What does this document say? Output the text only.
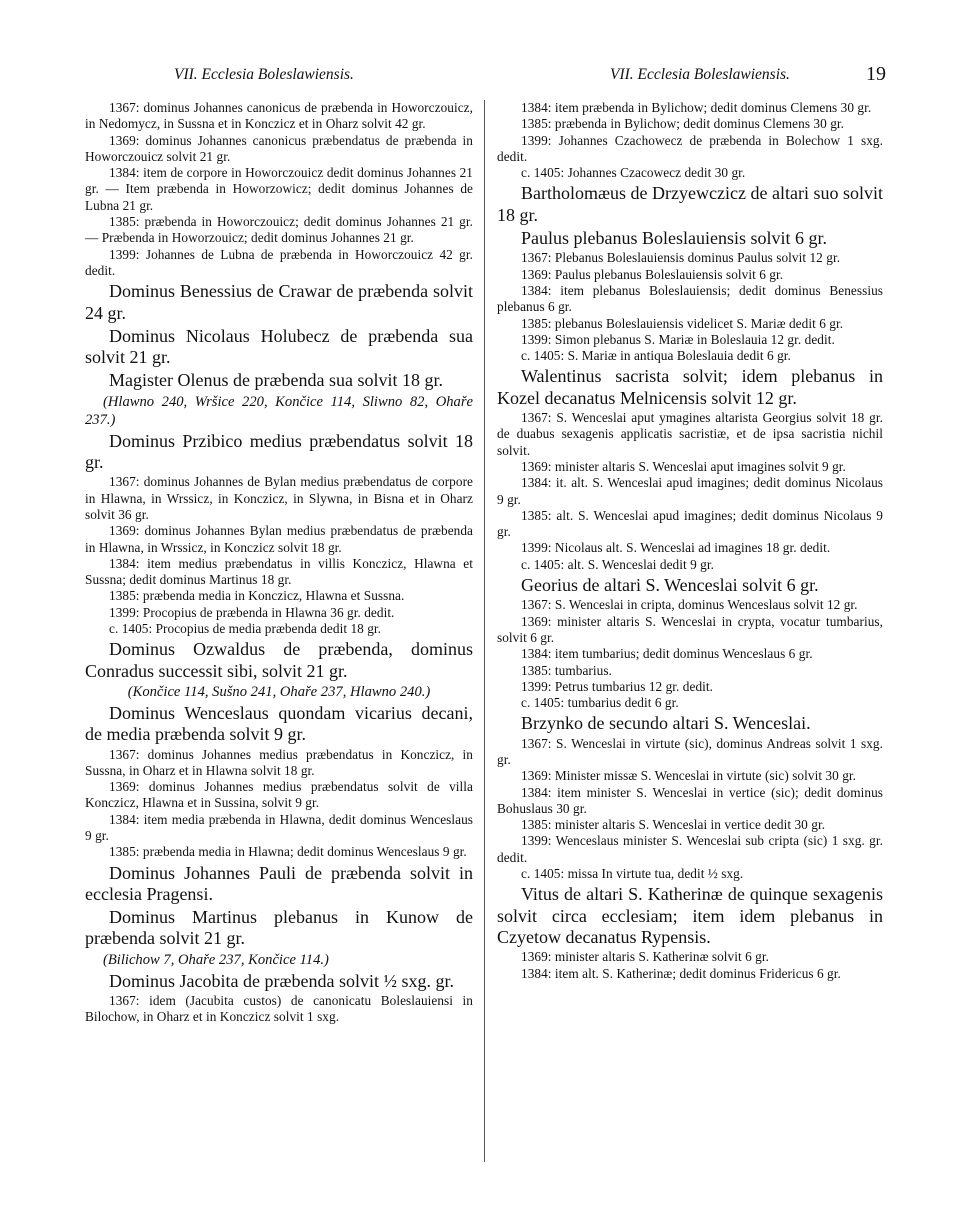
VII. Ecclesia Boleslawiensis.	VII. Ecclesia Boleslawiensis.	19

1367: dominus Johannes canonicus de præbenda in Howorczouicz, in Nedomycz, in Sussna et in Konczicz et in Oharz solvit 42 gr.

1369: dominus Johannes canonicus præbendatus de præbenda in Howorczouicz solvit 21 gr.

1384: item de corpore in Howorczouicz dedit dominus Johannes 21 gr. — Item præbenda in Howorzowicz; dedit dominus Johannes de Lubna 21 gr.

1385: præbenda in Howorczouicz; dedit dominus Johannes 21 gr. — Præbenda in Howorzouicz; dedit dominus Johannes 21 gr.

1399: Johannes de Lubna de præbenda in Howorczouicz 42 gr. dedit.

Dominus Benessius de Crawar de præbenda solvit 24 gr.

Dominus Nicolaus Holubecz de præbenda sua solvit 21 gr.

Magister Olenus de præbenda sua solvit 18 gr.

(Hlawno 240, Wršice 220, Končice 114, Sliwno 82, Ohaře 237.)

Dominus Przibico medius præbendatus solvit 18 gr.

1367: dominus Johannes de Bylan medius præbendatus de corpore in Hlawna, in Wrssicz, in Konczicz, in Slywna, in Bisna et in Oharz solvit 36 gr.

1369: dominus Johannes Bylan medius præbendatus de præbenda in Hlawna, in Wrssicz, in Konczicz solvit 18 gr.

1384: item medius præbendatus in villis Konczicz, Hlawna et Sussna; dedit dominus Martinus 18 gr.

1385: præbenda media in Konczicz, Hlawna et Sussna.

1399: Procopius de præbenda in Hlawna 36 gr. dedit.

c. 1405: Procopius de media præbenda dedit 18 gr.

Dominus Ozwaldus de præbenda, dominus Conradus successit sibi, solvit 21 gr.

(Končice 114, Sušno 241, Ohaře 237, Hlawno 240.)

Dominus Wenceslaus quondam vicarius decani, de media præbenda solvit 9 gr.

1367: dominus Johannes medius præbendatus in Konczicz, in Sussna, in Oharz et in Hlawna solvit 18 gr.

1369: dominus Johannes medius præbendatus solvit de villa Konczicz, Hlawna et in Sussina, solvit 9 gr.

1384: item media præbenda in Hlawna, dedit dominus Wenceslaus 9 gr.

1385: præbenda media in Hlawna; dedit dominus Wenceslaus 9 gr.

Dominus Johannes Pauli de præbenda solvit in ecclesia Pragensi.

Dominus Martinus plebanus in Kunow de præbenda solvit 21 gr.

(Bilichow 7, Ohaře 237, Končice 114.)

Dominus Jacobita de præbenda solvit ½ sxg. gr.

1367: idem (Jacubita custos) de canonicatu Boleslauiensi in Bilochow, in Oharz et in Konczicz solvit 1 sxg.

1384: item præbenda in Bylichow; dedit dominus Clemens 30 gr.

1385: præbenda in Bylichow; dedit dominus Clemens 30 gr.

1399: Johannes Czachowecz de præbenda in Bolechow 1 sxg. dedit.

c. 1405: Johannes Czacowecz dedit 30 gr.

Bartholomæus de Drzyewczicz de altari suo solvit 18 gr.

Paulus plebanus Boleslauiensis solvit 6 gr.

1367: Plebanus Boleslauiensis dominus Paulus solvit 12 gr.

1369: Paulus plebanus Boleslauiensis solvit 6 gr.

1384: item plebanus Boleslauiensis; dedit dominus Benessius plebanus 6 gr.

1385: plebanus Boleslauiensis videlicet S. Mariæ dedit 6 gr.

1399: Simon plebanus S. Mariæ in Boleslauia 12 gr. dedit.

c. 1405: S. Mariæ in antiqua Boleslauia dedit 6 gr.

Walentinus sacrista solvit; idem plebanus in Kozel decanatus Melnicensis solvit 12 gr.

1367: S. Wenceslai aput ymagines altarista Georgius solvit 18 gr. de duabus sexagenis applicatis sacristiæ, et de ipsa sacristia nichil solvit.

1369: minister altaris S. Wenceslai aput imagines solvit 9 gr.

1384: it. alt. S. Wenceslai apud imagines; dedit dominus Nicolaus 9 gr.

1385: alt. S. Wenceslai apud imagines; dedit dominus Nicolaus 9 gr.

1399: Nicolaus alt. S. Wenceslai ad imagines 18 gr. dedit.

c. 1405: alt. S. Wenceslai dedit 9 gr.

Georius de altari S. Wenceslai solvit 6 gr.

1367: S. Wenceslai in cripta, dominus Wenceslaus solvit 12 gr.

1369: minister altaris S. Wenceslai in crypta, vocatur tumbarius, solvit 6 gr.

1384: item tumbarius; dedit dominus Wenceslaus 6 gr.

1385: tumbarius.

1399: Petrus tumbarius 12 gr. dedit.

c. 1405: tumbarius dedit 6 gr.

Brzynko de secundo altari S. Wenceslai.

1367: S. Wenceslai in virtute (sic), dominus Andreas solvit 1 sxg. gr.

1369: Minister missæ S. Wenceslai in virtute (sic) solvit 30 gr.

1384: item minister S. Wenceslai in vertice (sic); dedit dominus Bohuslaus 30 gr.

1385: minister altaris S. Wenceslai in vertice dedit 30 gr.

1399: Wenceslaus minister S. Wenceslai sub cripta (sic) 1 sxg. gr. dedit.

c. 1405: missa In virtute tua, dedit ½ sxg.

Vitus de altari S. Katherinæ de quinque sexagenis solvit circa ecclesiam; item idem plebanus in Czyetow decanatus Rypensis.

1369: minister altaris S. Katherinæ solvit 6 gr.

1384: item alt. S. Katherinæ; dedit dominus Fridericus 6 gr.
